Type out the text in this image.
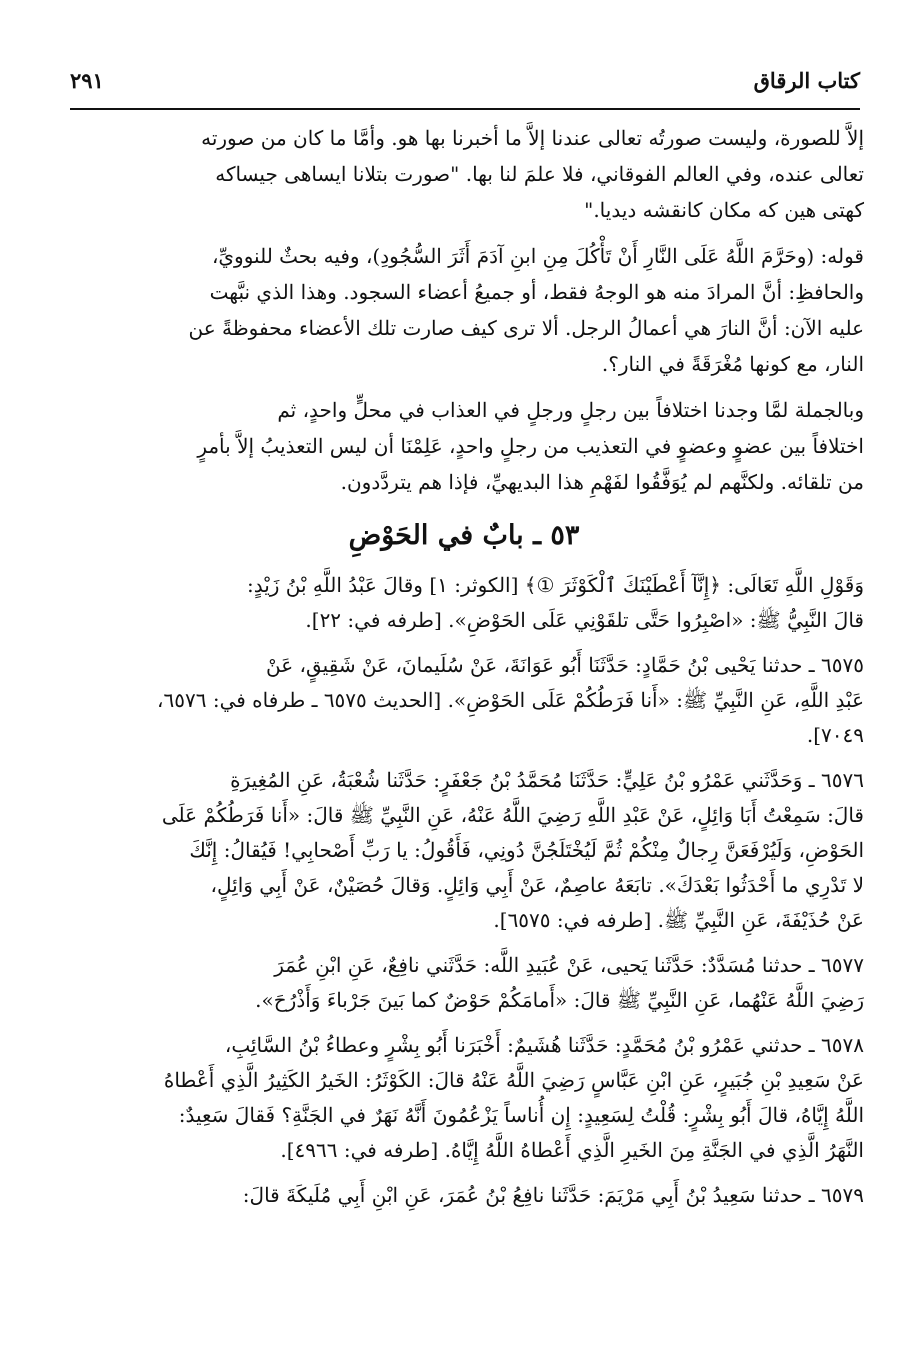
كتاب الرقاق
٢٩١
إلاَّ للصورة، وليست صورتُه تعالى عندنا إلاَّ ما أخبرنا بها هو. وأمَّا ما كان من صورته
تعالى عنده، وفي العالم الفوقاني، فلا علمَ لنا بها. "صورت بتلانا ايساهى جيساكه
كهتى هين كه مكان كانقشه ديديا."
قوله: (وحَرَّمَ اللَّهُ عَلَى النَّارِ أَنْ تَأْكُلَ مِنِ ابنِ آدَمَ أَثَرَ السُّجُودِ)، وفيه بحثٌ للنوويِّ،
والحافظِ: أنَّ المرادَ منه هو الوجهُ فقط، أو جميعُ أعضاء السجود. وهذا الذي نبَّهت
عليه الآن: أنَّ النارَ هي أعمالُ الرجل. ألا ترى كيف صارت تلك الأعضاء محفوظةً عن
النار، مع كونها مُغْرَقَةً في النار؟.
وبالجملة لمَّا وجدنا اختلافاً بين رجلٍ ورجلٍ في العذاب في محلٍّ واحدٍ، ثم
اختلافاً بين عضوٍ وعضوٍ في التعذيب من رجلٍ واحدٍ، عَلِمْنَا أن ليس التعذيبُ إلاَّ بأمرٍ
من تلقائه. ولكنَّهم لم يُوَفَّقُوا لفَهْمِ هذا البديهيِّ، فإذا هم يتردَّدون.
٥٣ ـ بابٌ في الحَوْضِ
وَقَوْلِ اللَّهِ تَعَالَى: ﴿إِنَّآ أَعْطَيْنَكَ ٱلْكَوْثَرَ ①﴾ [الكوثر: ١] وقالَ عَبْدُ اللَّهِ بْنُ زَيْدٍ:
قالَ النَّبِيُّ ﷺ: «اصْبِرُوا حَتَّى تلقَوْنِي عَلَى الحَوْضِ». [طرفه في: ٢٢].
٦٥٧٥ ـ حدثنا يَحْيى بْنُ حَمَّادٍ: حَدَّثَنَا أَبُو عَوَانَةَ، عَنْ سُلَيمانَ، عَنْ شَقِيقٍ، عَنْ
عَبْدِ اللَّهِ، عَنِ النَّبِيِّ ﷺ: «أَنا فَرَطُكُمْ عَلَى الحَوْضِ». [الحديث ٦٥٧٥ ـ طرفاه في: ٦٥٧٦،
٧٠٤٩].
٦٥٧٦ ـ وَحَدَّثَني عَمْرُو بْنُ عَلِيٍّ: حَدَّثَنَا مُحَمَّدُ بْنُ جَعْفَرٍ: حَدَّثَنا شُعْبَةُ، عَنِ المُغِيرَةِ
قالَ: سَمِعْتُ أَبَا وَائِلٍ، عَنْ عَبْدِ اللَّهِ رَضِيَ اللَّهُ عَنْهُ، عَنِ النَّبِيِّ ﷺ قالَ: «أَنا فَرَطُكُمْ عَلَى
الحَوْضِ، وَلَيُرْفَعَنَّ رِجالٌ مِنْكُمْ ثُمَّ لَيُخْتَلَجُنَّ دُونِي، فَأَقُولُ: يا رَبِّ أَصْحابِي! فَيُقالُ: إِنَّكَ
لا تَدْرِي ما أَحْدَثُوا بَعْدَكَ». تابَعَهُ عاصِمٌ، عَنْ أَبِي وَائِلٍ. وَقالَ حُصَيْنٌ، عَنْ أَبِي وَائِلٍ،
عَنْ حُذَيْفَةَ، عَنِ النَّبِيِّ ﷺ. [طرفه في: ٦٥٧٥].
٦٥٧٧ ـ حدثنا مُسَدَّدٌ: حَدَّثَنا يَحيى، عَنْ عُبَيدِ اللَّه: حَدَّثَني نافِعٌ، عَنِ ابْنِ عُمَرَ
رَضِيَ اللَّهُ عَنْهُما، عَنِ النَّبِيِّ ﷺ قالَ: «أَمامَكُمْ حَوْضٌ كما بَينَ جَرْباءَ وَأَذْرُحَ».
٦٥٧٨ ـ حدثني عَمْرُو بْنُ مُحَمَّدٍ: حَدَّثَنا هُشَيمٌ: أَخْبَرَنا أَبُو بِشْرٍ وعطاءُ بْنُ السَّائِبِ،
عَنْ سَعِيدِ بْنِ جُبَيرٍ، عَنِ ابْنِ عَبَّاسٍ رَضِيَ اللَّهُ عَنْهُ قالَ: الكَوْثَرُ: الخَيرُ الكَثِيرُ الَّذِي أَعْطاهُ
اللَّهُ إِيَّاهُ، قالَ أَبُو بِشْرٍ: قُلْتُ لِسَعِيدٍ: إِن أُناساً يَزْعُمُونَ أَنَّهُ نَهَرٌ في الجَنَّةِ؟ فَقالَ سَعِيدٌ:
النَّهَرُ الَّذِي في الجَنَّةِ مِنَ الخَيرِ الَّذِي أَعْطاهُ اللَّهُ إِيَّاهُ. [طرفه في: ٤٩٦٦].
٦٥٧٩ ـ حدثنا سَعِيدُ بْنُ أَبِي مَرْيَمَ: حَدَّثَنا نافِعُ بْنُ عُمَرَ، عَنِ ابْنِ أَبِي مُلَيكَةَ قالَ:
